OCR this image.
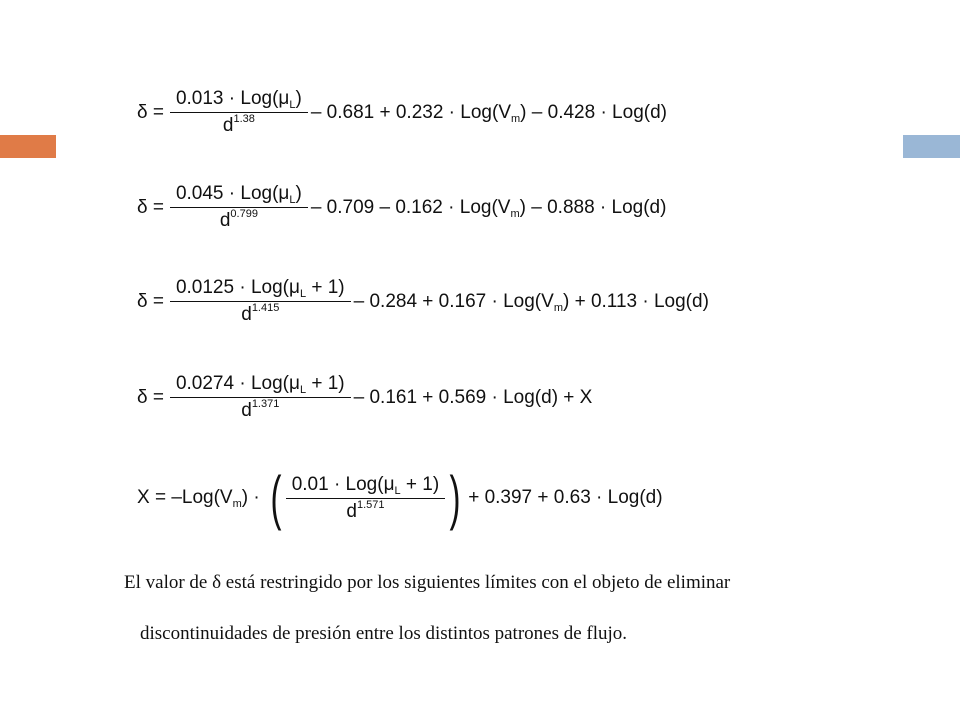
$\delta = \frac{0.013 \cdot Log(\mu_L)}{d^{1.38}} - 0.681 + 0.232 \cdot Log(V_m) - 0.428 \cdot Log(d)$
$\delta = \frac{0.045 \cdot Log(\mu_L)}{d^{0.799}} - 0.709 - 0.162 \cdot Log(V_m) - 0.888 \cdot Log(d)$
$\delta = \frac{0.0125 \cdot Log(\mu_L + 1)}{d^{1.415}} - 0.284 + 0.167 \cdot Log(V_m) + 0.113 \cdot Log(d)$
$\delta = \frac{0.0274 \cdot Log(\mu_L + 1)}{d^{1.371}} - 0.161 + 0.569 \cdot Log(d) + X$
$X = -Log(V_m)$ · ( $\frac{0.01 \cdot Log(\mu_L + 1)}{d^{1.571}}$ ) + 0.397 + 0.63 · Log(d)
El valor de δ está restringido por los siguientes límites con el objeto de eliminar
discontinuidades de presión entre los distintos patrones de flujo.
